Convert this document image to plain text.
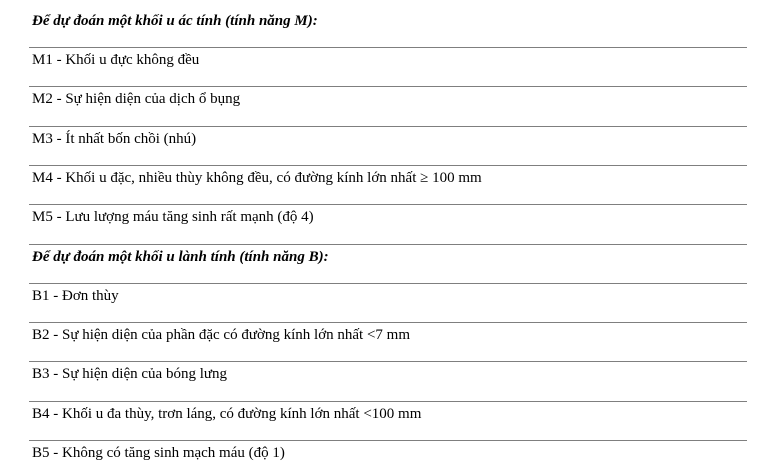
Để dự đoán một khối u ác tính (tính năng M):
M1 - Khối u đực không đều
M2 - Sự hiện diện của dịch ổ bụng
M3 - Ít nhất bốn chồi (nhú)
M4 - Khối u đặc, nhiều thùy không đều, có đường kính lớn nhất ≥ 100 mm
M5 - Lưu lượng máu tăng sinh rất mạnh (độ 4)
Để dự đoán một khối u lành tính (tính năng B):
B1 - Đơn thùy
B2 - Sự hiện diện của phần đặc có đường kính lớn nhất <7 mm
B3 - Sự hiện diện của bóng lưng
B4 - Khối u đa thùy, trơn láng, có đường kính lớn nhất <100 mm
B5 - Không có tăng sinh mạch máu (độ 1)
